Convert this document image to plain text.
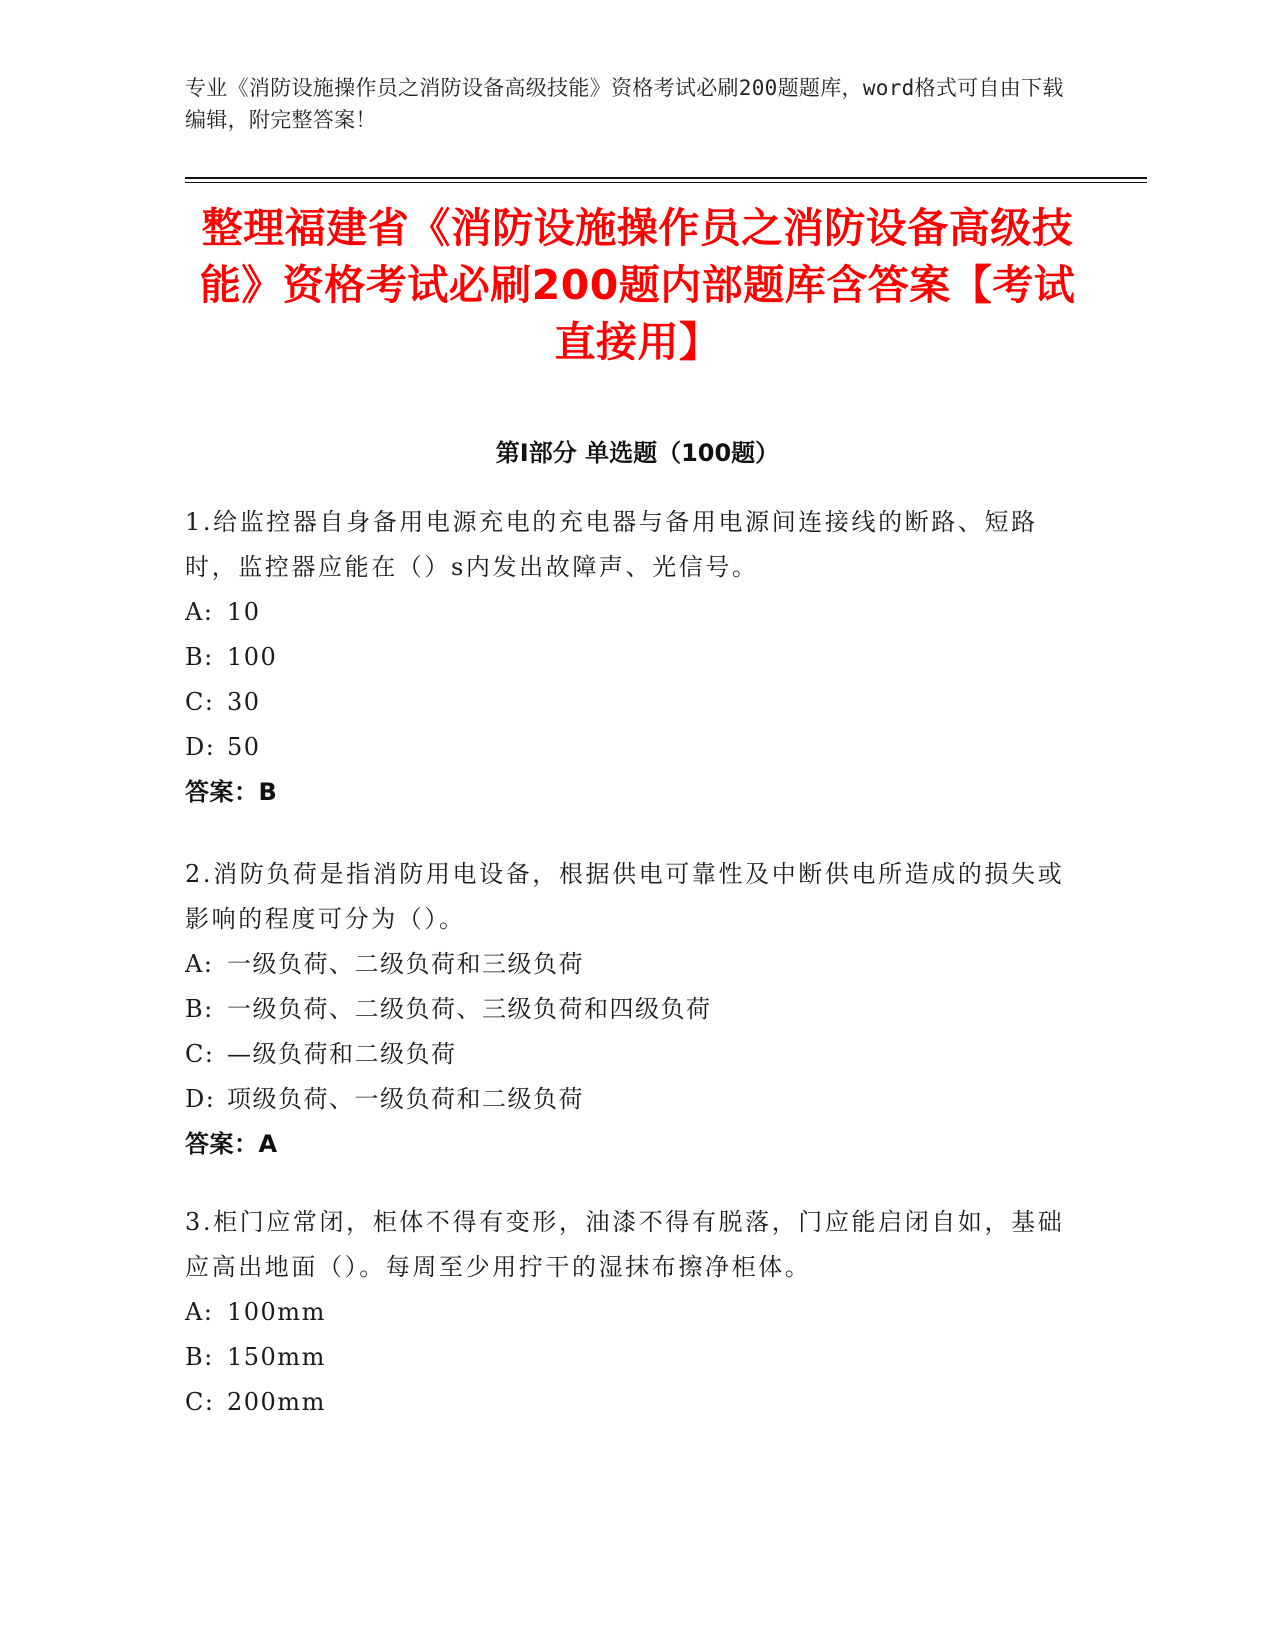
专业《消防设施操作员之消防设备高级技能》资格考试必刷200题题库，word格式可自由下载编辑，附完整答案！
整理福建省《消防设施操作员之消防设备高级技能》资格考试必刷200题内部题库含答案【考试直接用】
第I部分 单选题（100题）
1.给监控器自身备用电源充电的充电器与备用电源间连接线的断路、短路时，监控器应能在（）s内发出故障声、光信号。
A: 10
B: 100
C: 30
D: 50
答案：B
2.消防负荷是指消防用电设备，根据供电可靠性及中断供电所造成的损失或影响的程度可分为（）。
A: 一级负荷、二级负荷和三级负荷
B: 一级负荷、二级负荷、三级负荷和四级负荷
C: —级负荷和二级负荷
D: 项级负荷、一级负荷和二级负荷
答案：A
3.柜门应常闭，柜体不得有变形，油漆不得有脱落，门应能启闭自如，基础应高出地面（）。每周至少用拧干的湿抹布擦净柜体。
A: 100mm
B: 150mm
C: 200mm
